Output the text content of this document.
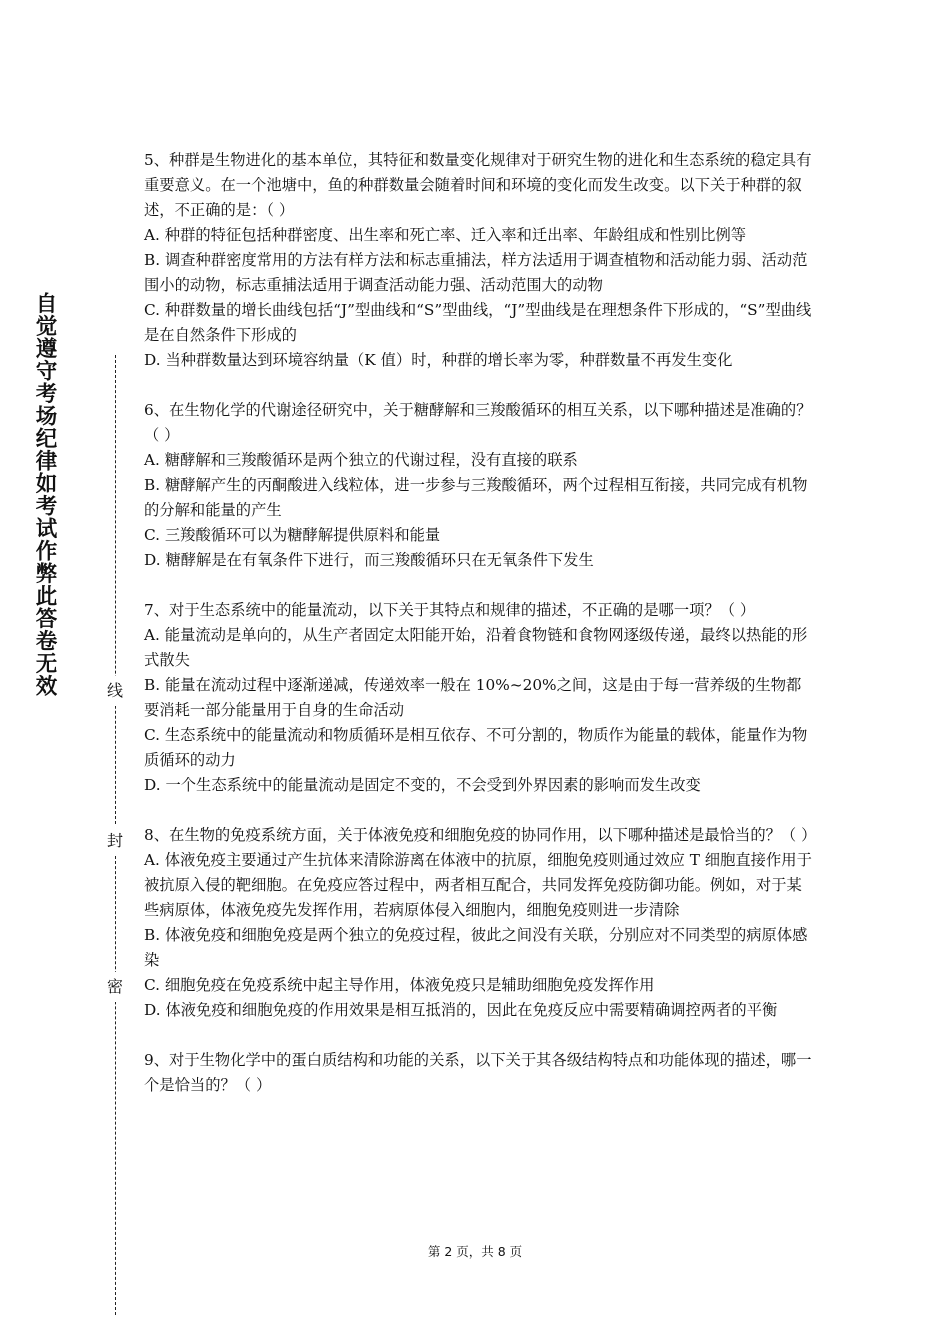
自觉遵守考场纪律如考试作弊此答卷无效	线
封
密

5、种群是生物进化的基本单位，其特征和数量变化规律对于研究生物的进化和生态系统的稳定具有重要意义。在一个池塘中，鱼的种群数量会随着时间和环境的变化而发生改变。以下关于种群的叙述，不正确的是：（ ）

A. 种群的特征包括种群密度、出生率和死亡率、迁入率和迁出率、年龄组成和性别比例等

B. 调查种群密度常用的方法有样方法和标志重捕法，样方法适用于调查植物和活动能力弱、活动范围小的动物，标志重捕法适用于调查活动能力强、活动范围大的动物

C. 种群数量的增长曲线包括“J”型曲线和“S”型曲线，“J”型曲线是在理想条件下形成的，“S”型曲线是在自然条件下形成的

D. 当种群数量达到环境容纳量（K 值）时，种群的增长率为零，种群数量不再发生变化

6、在生物化学的代谢途径研究中，关于糖酵解和三羧酸循环的相互关系，以下哪种描述是准确的？（ ）

A. 糖酵解和三羧酸循环是两个独立的代谢过程，没有直接的联系

B. 糖酵解产生的丙酮酸进入线粒体，进一步参与三羧酸循环，两个过程相互衔接，共同完成有机物的分解和能量的产生

C. 三羧酸循环可以为糖酵解提供原料和能量

D. 糖酵解是在有氧条件下进行，而三羧酸循环只在无氧条件下发生

7、对于生态系统中的能量流动，以下关于其特点和规律的描述，不正确的是哪一项？（ ）

A. 能量流动是单向的，从生产者固定太阳能开始，沿着食物链和食物网逐级传递，最终以热能的形式散失

B. 能量在流动过程中逐渐递减，传递效率一般在 10%~20%之间，这是由于每一营养级的生物都要消耗一部分能量用于自身的生命活动

C. 生态系统中的能量流动和物质循环是相互依存、不可分割的，物质作为能量的载体，能量作为物质循环的动力

D. 一个生态系统中的能量流动是固定不变的，不会受到外界因素的影响而发生改变

8、在生物的免疫系统方面，关于体液免疫和细胞免疫的协同作用，以下哪种描述是最恰当的？（ ）

A. 体液免疫主要通过产生抗体来清除游离在体液中的抗原，细胞免疫则通过效应 T 细胞直接作用于被抗原入侵的靶细胞。在免疫应答过程中，两者相互配合，共同发挥免疫防御功能。例如，对于某些病原体，体液免疫先发挥作用，若病原体侵入细胞内，细胞免疫则进一步清除

B. 体液免疫和细胞免疫是两个独立的免疫过程，彼此之间没有关联，分别应对不同类型的病原体感染

C. 细胞免疫在免疫系统中起主导作用，体液免疫只是辅助细胞免疫发挥作用

D. 体液免疫和细胞免疫的作用效果是相互抵消的，因此在免疫反应中需要精确调控两者的平衡

9、对于生物化学中的蛋白质结构和功能的关系，以下关于其各级结构特点和功能体现的描述，哪一个是恰当的？（ ）

第 2 页，共 8 页
